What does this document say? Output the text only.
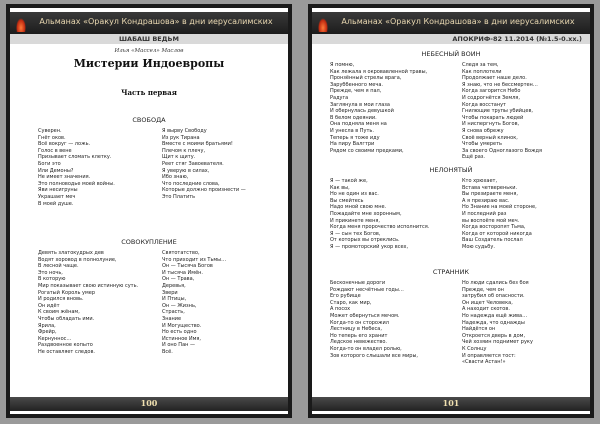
Альманах «Оракул Кондрашова» в дни иерусалимских
ШАБАШ ВЕДЬМ
Илья «Массел» Маслов
Мистерии Индоевропы
Часть первая
СВОБОДА
Суверен.
Гнёт оков.
Всё вокруг — ложь.
Голос в вене
Призывает сломать клетку.
Боги это
Или Демоны?
Не имеет значения.
Это полноводье моей войны.
Яви несигруны
Украшает меч
В моей душе.
Я вырву Свободу
Из рук Тирана
Вместе с моими братьями!
Плечом к плечу,
Щит к щиту.
Реет стяг Завоевателя.
Я уверую в силах,
Ибо знаю,
Что последние слова,
Которые должно произнести —
Это Платить
СОВОКУПЛЕНИЕ
Девять златокудрых дев
Водят хоровод в полнолуние,
В лесной чаще.
Это ночь,
В которую
Мир показывает свою истинную суть.
Рогатый Король умер
И родился вновь.
Он идёт
К своим жёнам,
Чтобы обладать ими.
Ярила,
Фрейр,
Кернуннос…
Раздвоенное копыто
Не оставляет следов.
Святотатство,
Что приходит из Тьмы…
Он — Тысяча Богов
И тысяча Имён.
Он — Трава,
Деревья,
Звери
И Птицы,
Он — Жизнь,
Страсть,
Знание
И Могущество.
Но есть одно
Истинное Имя,
И оно Пан —
Всё.
100
Альманах «Оракул Кондрашова» в дни иерусалимских
АПОКРИФ-82 11.2014 (№1.5-0.xx.)
НЕБЕСНЫЙ ВОИН
Я помню,
Как лежала я окровавленной травы,
Пронзённый стрелы врага,
Заруббенного меча.
Прежде, чем я пал,
Радуга
Заглянула в мои глаза
И обернулась девушкой
В белом одеянии.
Она подняла меня на
И унесла в Путь.
Теперь я тоже иду
На пиру Валгтри
Рядом со своими предками,
Следя за тем,
Как поплотели
Продолжает наше дело.
Я знаю, что не бессмертен…
Когда загорится Небо
И содрогнётся Земля,
Когда восстанут
Гнилющие трупы убийцев,
Чтобы покарать людей
И ниспергнуть Богов,
Я снова обрежу
Своё верный клинок,
Чтобы умереть
За своего Одноглазого Вождя
Ещё раз.
НЕЛОНЯТЫЙ
Я — такой же,
Как вы,
Но не один из вас.
Вы смейтесь
Надо мной свою мне.
Пожадайте мне хоронным,
И прикинете меня,
Когда меня пророчество исполнится.
Я — сын тех Богов,
От которых вы отреклись.
Я — промоторский укор всех,
Кто хрюхает,
Встава четвереньки.
Вы презираете меня,
А я презираю вас.
Но Знание на моей стороне,
И последний раз
вы воспоёте мой меч.
Когда восторопят Тьма,
Когда от которой никогда
Ваш Создатель послал
Мою судьбу.
СТРАННИК
Бесконечные дороги
Рождают несчётные годы…
Его рубище
Старо, как мир,
А посох
Может обернуться мечом.
Когда-то он сторожил
Лестницу в Небеса,
Но теперь его хранит
Ледское невежество.
Когда-то он владел ролью,
Зов которого слышали все миры,
Но люди сдались без боя
Прежде, чем он
затрубил об опасности.
Он ищет Человека,
А находит скотов.
Но надежда ещё жива…
Надежда, что однажды
Найдётся он
Откроется дверь в дом,
Чей хозяин поднимет руку
К Солнцу
И оправляется тост:
«Свасти Астан!»
101
